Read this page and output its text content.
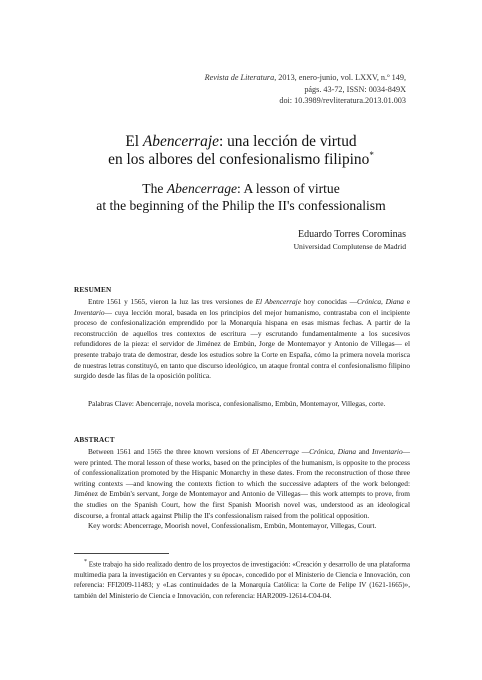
Revista de Literatura, 2013, enero-junio, vol. LXXV, n.º 149,
págs. 43-72, ISSN: 0034-849X
doi: 10.3989/revliteratura.2013.01.003
El Abencerraje: una lección de virtud
en los albores del confesionalismo filipino*
The Abencerrage: A lesson of virtue
at the beginning of the Philip the II's confessionalism
Eduardo Torres Corominas
Universidad Complutense de Madrid
RESUMEN

Entre 1561 y 1565, vieron la luz las tres versiones de El Abencerraje hoy conocidas —Crónica, Diana e Inventario— cuya lección moral, basada en los principios del mejor humanismo, contrastaba con el incipiente proceso de confesionalización emprendido por la Monarquía hispana en esas mismas fechas. A partir de la reconstrucción de aquellos tres contextos de escritura —y escrutando fundamentalmente a los sucesivos refundidores de la pieza: el servidor de Jiménez de Embún, Jorge de Montemayor y Antonio de Villegas— el presente trabajo trata de demostrar, desde los estudios sobre la Corte en España, cómo la primera novela morisca de nuestras letras constituyó, en tanto que discurso ideológico, un ataque frontal contra el confesionalismo filipino surgido desde las filas de la oposición política.

Palabras Clave: Abencerraje, novela morisca, confesionalismo, Embún, Montemayor, Villegas, corte.

ABSTRACT

Between 1561 and 1565 the three known versions of El Abencerrage —Crónica, Diana and Inventario— were printed. The moral lesson of these works, based on the principles of the humanism, is opposite to the process of confessionalization promoted by the Hispanic Monarchy in these dates. From the reconstruction of those three writing contexts —and knowing the contexts fiction to which the successive adapters of the work belonged: Jiménez de Embún's servant, Jorge de Montemayor and Antonio de Villegas— this work attempts to prove, from the studies on the Spanish Court, how the first Spanish Moorish novel was, understood as an ideological discourse, a frontal attack against Philip the II's confessionalism raised from the political opposition.

Key words: Abencerrage, Moorish novel, Confessionalism, Embún, Montemayor, Villegas, Court.

* Este trabajo ha sido realizado dentro de los proyectos de investigación: «Creación y desarrollo de una plataforma multimedia para la investigación en Cervantes y su época», concedido por el Ministerio de Ciencia e Innovación, con referencia: FFI2009-11483; y «Las continuidades de la Monarquía Católica: la Corte de Felipe IV (1621-1665)», también del Ministerio de Ciencia e Innovación, con referencia: HAR2009-12614-C04-04.
